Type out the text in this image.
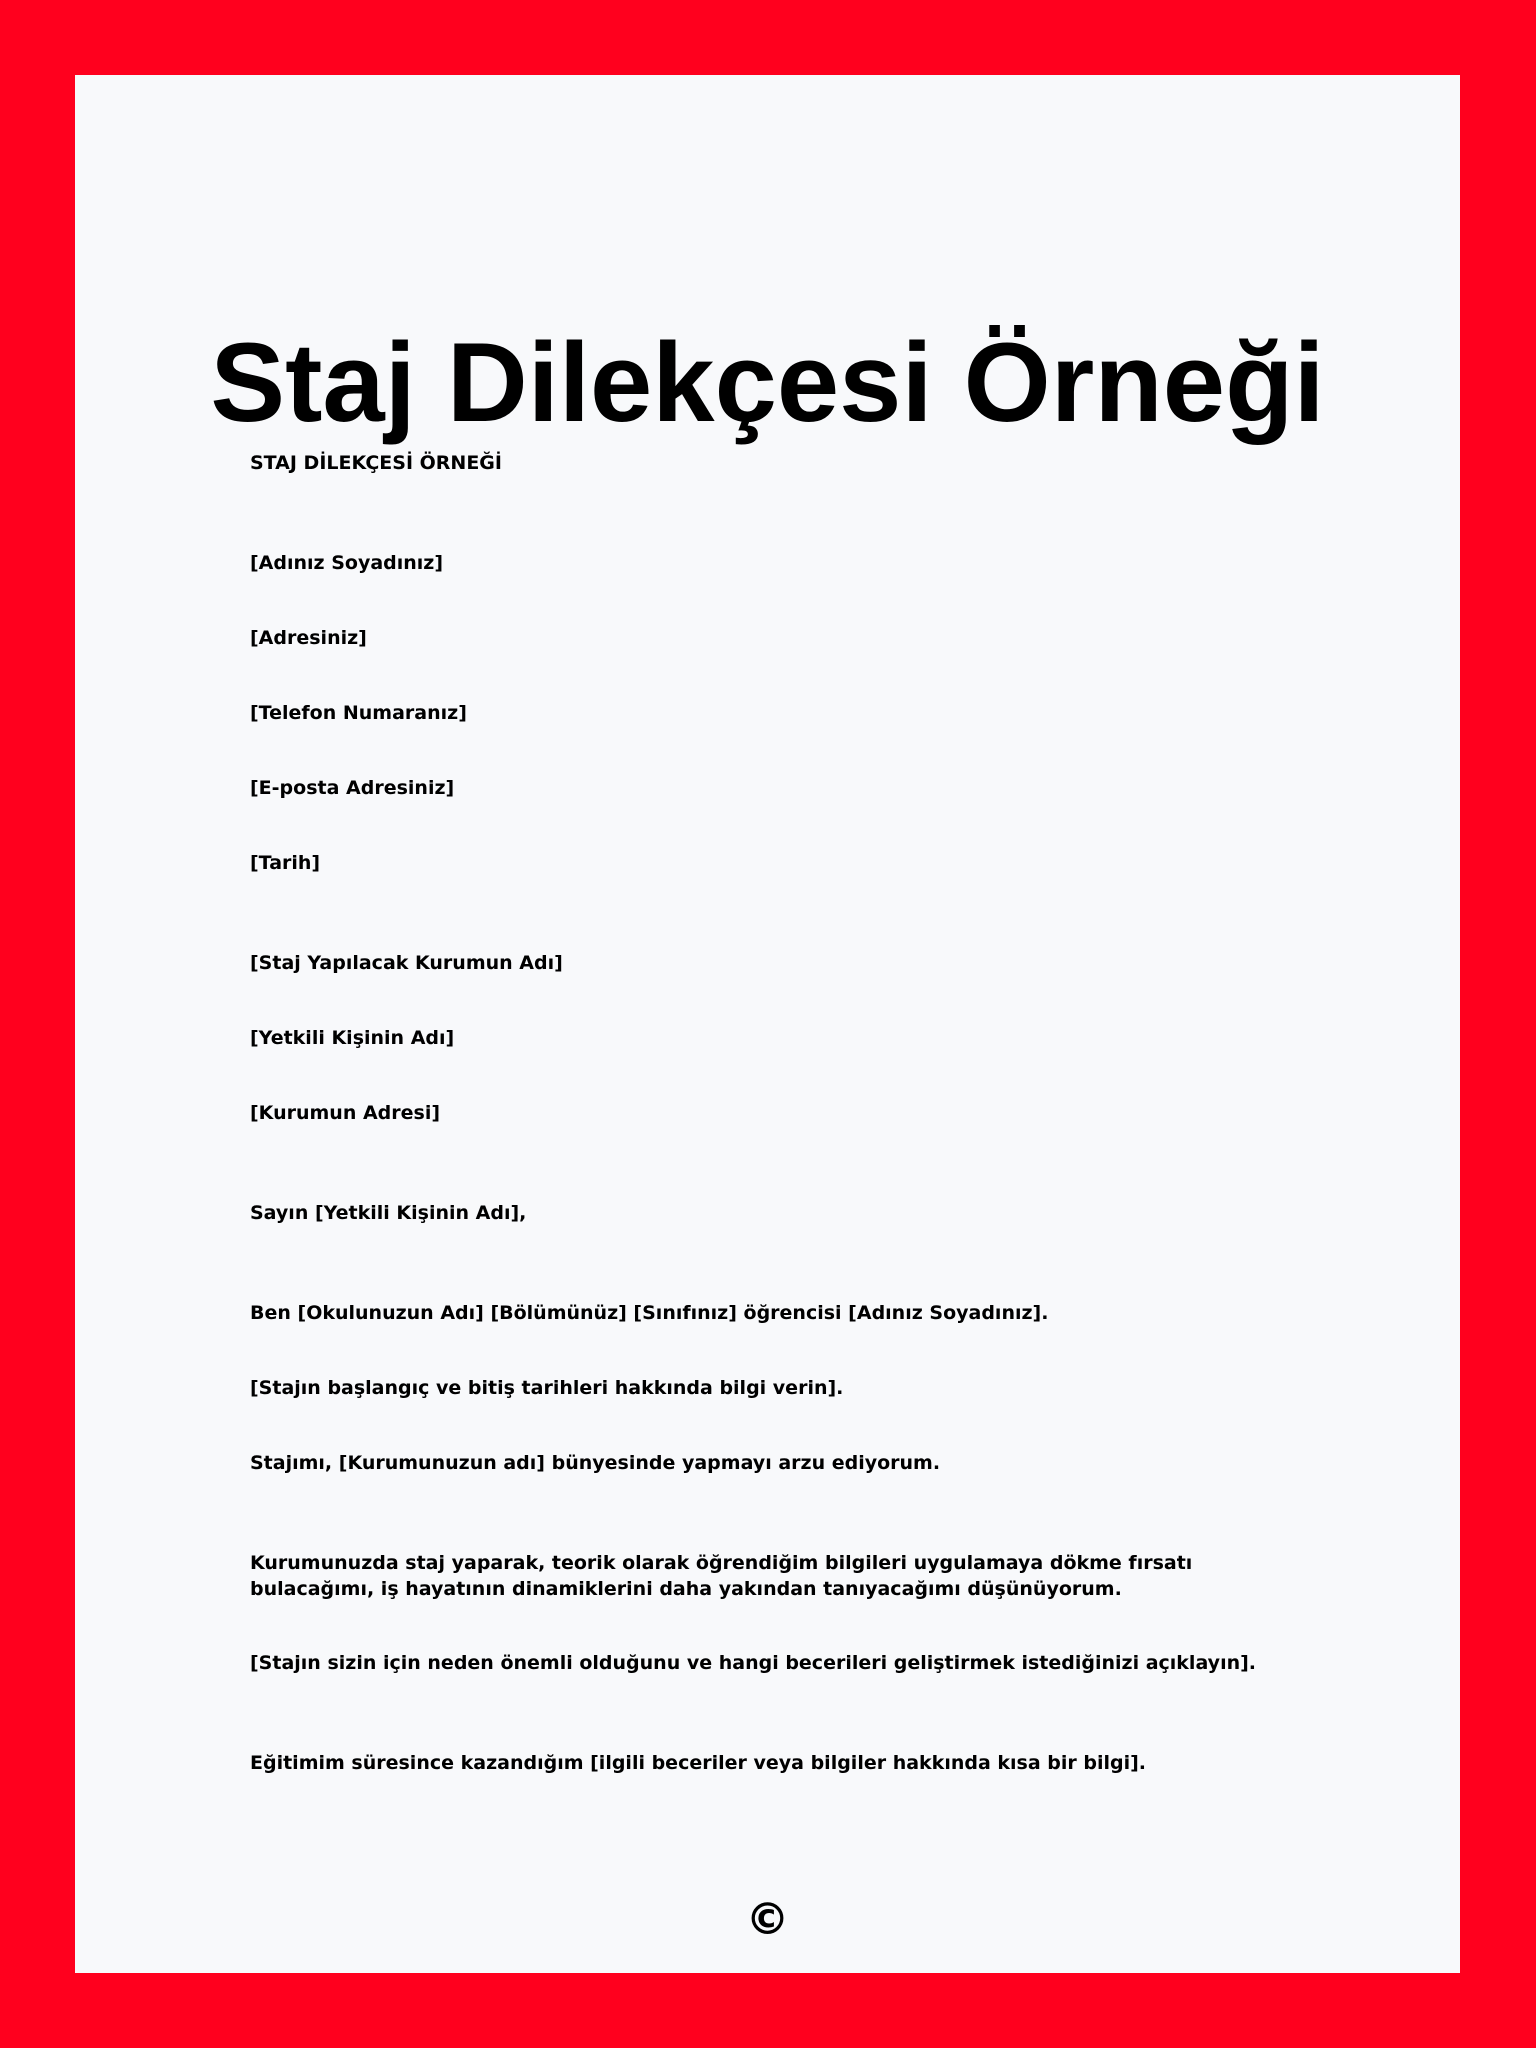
Staj Dilekçesi Örneği

STAJ DİLEKÇESİ ÖRNEĞİ

[Adınız Soyadınız]

[Adresiniz]

[Telefon Numaranız]

[E-posta Adresiniz]

[Tarih]

[Staj Yapılacak Kurumun Adı]

[Yetkili Kişinin Adı]

[Kurumun Adresi]

Sayın [Yetkili Kişinin Adı],

Ben [Okulunuzun Adı] [Bölümünüz] [Sınıfınız] öğrencisi [Adınız Soyadınız].

[Stajın başlangıç ve bitiş tarihleri hakkında bilgi verin].

Stajımı, [Kurumunuzun adı] bünyesinde yapmayı arzu ediyorum.

Kurumunuzda staj yaparak, teorik olarak öğrendiğim bilgileri uygulamaya dökme fırsatı bulacağımı, iş hayatının dinamiklerini daha yakından tanıyacağımı düşünüyorum.

[Stajın sizin için neden önemli olduğunu ve hangi becerileri geliştirmek istediğinizi açıklayın].

Eğitimim süresince kazandığım [ilgili beceriler veya bilgiler hakkında kısa bir bilgi].

©
